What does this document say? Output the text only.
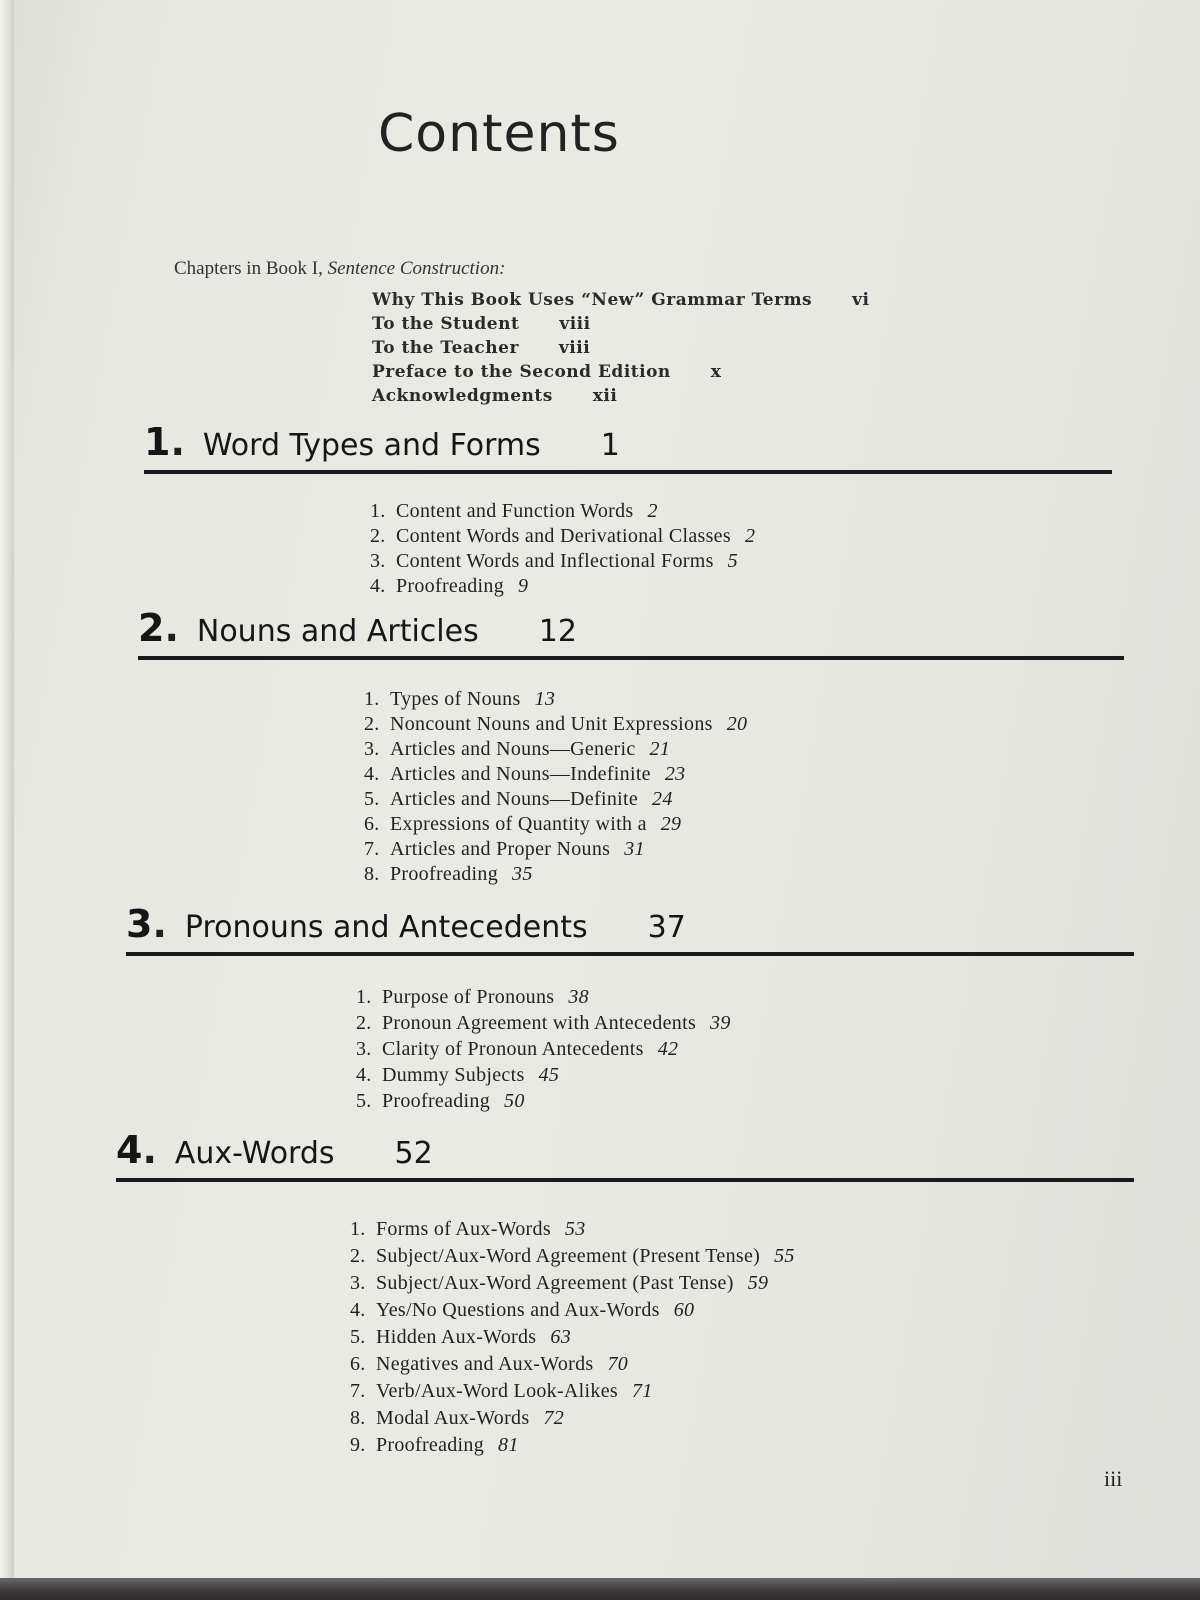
Contents
Chapters in Book I, Sentence Construction:
Why This Book Uses “New” Grammar Terms vi
To the Student viii
To the Teacher viii
Preface to the Second Edition x
Acknowledgments xii
1 . Word Types and Forms 1
1. Content and Function Words 2
2. Content Words and Derivational Classes 2
3. Content Words and Inflectional Forms 5
4. Proofreading 9
2 . Nouns and Articles 12
1. Types of Nouns 13
2. Noncount Nouns and Unit Expressions 20
3. Articles and Nouns—Generic 21
4. Articles and Nouns—Indefinite 23
5. Articles and Nouns—Definite 24
6. Expressions of Quantity with a 29
7. Articles and Proper Nouns 31
8. Proofreading 35
3 . Pronouns and Antecedents 37
1. Purpose of Pronouns 38
2. Pronoun Agreement with Antecedents 39
3. Clarity of Pronoun Antecedents 42
4. Dummy Subjects 45
5. Proofreading 50
4 . Aux-Words 52
1. Forms of Aux-Words 53
2. Subject/Aux-Word Agreement (Present Tense) 55
3. Subject/Aux-Word Agreement (Past Tense) 59
4. Yes/No Questions and Aux-Words 60
5. Hidden Aux-Words 63
6. Negatives and Aux-Words 70
7. Verb/Aux-Word Look-Alikes 71
8. Modal Aux-Words 72
9. Proofreading 81
iii
